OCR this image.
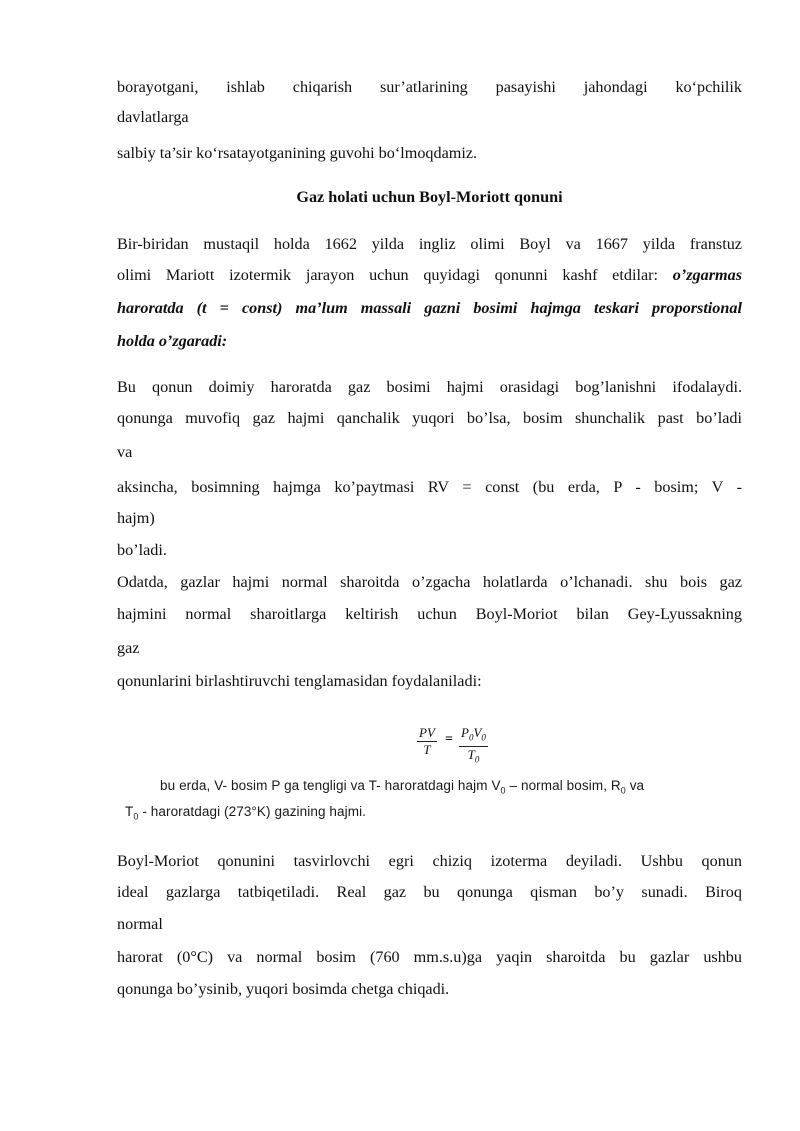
borayotgani, ishlab chiqarish sur’atlarining pasayishi jahondagi ko‘pchilik
davlatlarga
salbiy ta’sir ko‘rsatayotganining guvohi bo‘lmoqdamiz.
Gaz holati uchun Boyl-Moriott qonuni
Bir-biridan mustaqil holda 1662 yilda ingliz olimi Boyl va 1667 yilda franstuz
olimi Mariott izotermik jarayon uchun quyidagi qonunni kashf etdilar: o’zgarmas
haroratda (t = const) ma’lum massali gazni bosimi hajmga teskari proporstional
holda o’zgaradi:
Bu qonun doimiy haroratda gaz bosimi hajmi orasidagi bog’lanishni ifodalaydi.
qonunga muvofiq gaz hajmi qanchalik yuqori bo’lsa, bosim shunchalik past bo’ladi
va
aksincha, bosimning hajmga ko’paytmasi RV = const (bu erda, P - bosim; V -
hajm)
bo’ladi.
Odatda, gazlar hajmi normal sharoitda o’zgacha holatlarda o’lchanadi. shu bois gaz
hajmini normal sharoitlarga keltirish uchun Boyl-Moriot bilan Gey-Lyussakning
gaz
qonunlarini birlashtiruvchi tenglamasidan foydalaniladi:
$\frac{PV}{T} = \frac{P_0V_0}{T_0}$
bu erda, V- bosim P ga tengligi va T- haroratdagi hajm $V_0$ – normal bosim, $R_0$ va
$T_0$ - haroratdagi (273°K) gazining hajmi.
Boyl-Moriot qonunini tasvirlovchi egri chiziq izoterma deyiladi. Ushbu qonun
ideal gazlarga tatbiqetiladi. Real gaz bu qonunga qisman bo’y sunadi. Biroq
normal
harorat (0°C) va normal bosim (760 mm.s.u)ga yaqin sharoitda bu gazlar ushbu
qonunga bo’ysinib, yuqori bosimda chetga chiqadi.
